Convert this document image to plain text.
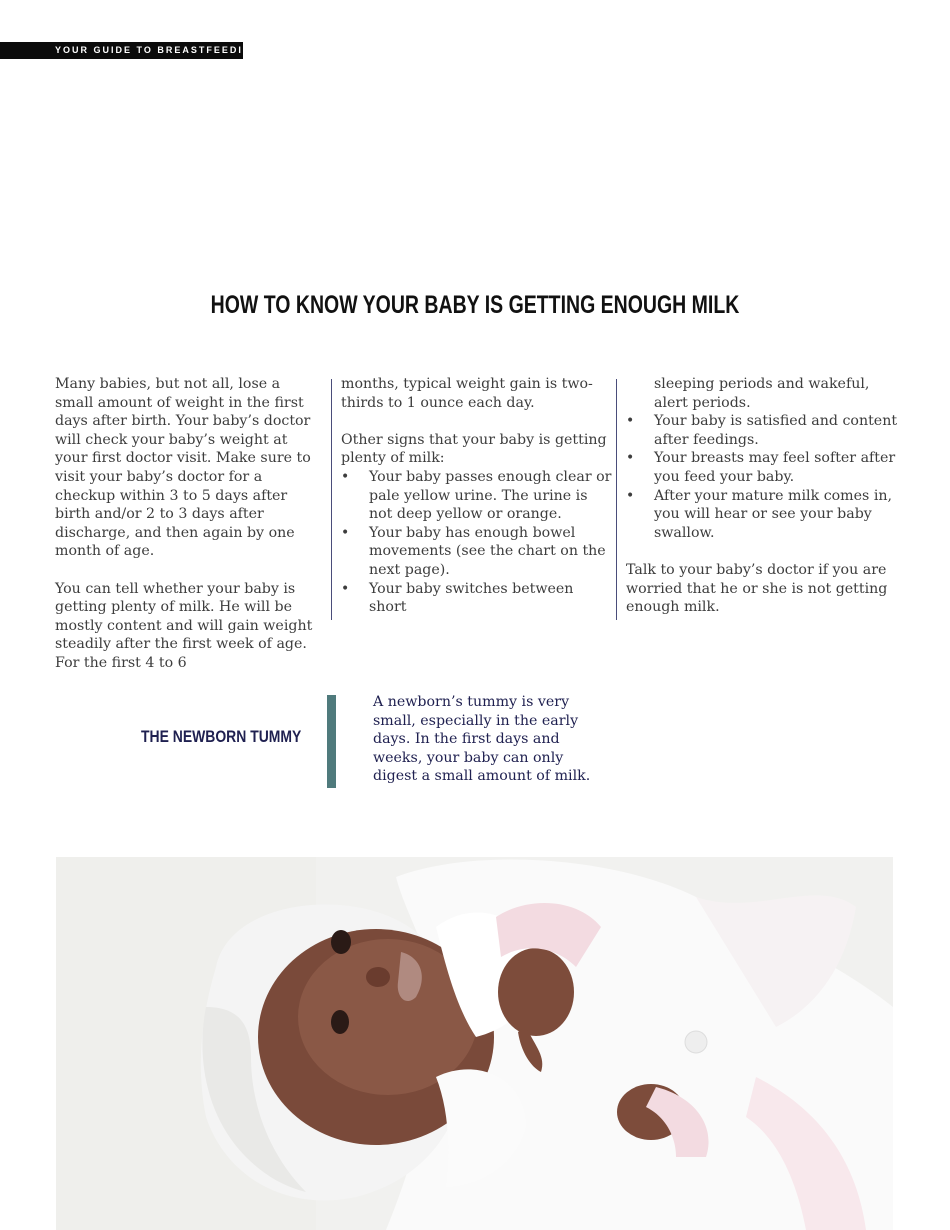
YOUR GUIDE TO BREASTFEEDING
HOW TO KNOW YOUR BABY IS GETTING ENOUGH MILK

Many babies, but not all, lose a small amount of weight in the first days after birth. Your baby’s doctor will check your baby’s weight at your first doctor visit. Make sure to visit your baby’s doctor for a checkup within 3 to 5 days after birth and/or 2 to 3 days after discharge, and then again by one month of age.

You can tell whether your baby is getting plenty of milk. He will be mostly content and will gain weight steadily after the first week of age. For the first 4 to 6

months, typical weight gain is two-thirds to 1 ounce each day.

Other signs that your baby is getting plenty of milk:

• Your baby passes enough clear or pale yellow urine. The urine is not deep yellow or orange.
• Your baby has enough bowel movements (see the chart on the next page).
• Your baby switches between short
sleeping periods and wakeful, alert periods.
• Your baby is satisfied and content after feedings.
• Your breasts may feel softer after you feed your baby.
• After your mature milk comes in, you will hear or see your baby swallow.

Talk to your baby’s doctor if you are worried that he or she is not getting enough milk.

THE NEWBORN TUMMY
A newborn’s tummy is very small, especially in the early days. In the first days and weeks, your baby can only digest a small amount of milk.
